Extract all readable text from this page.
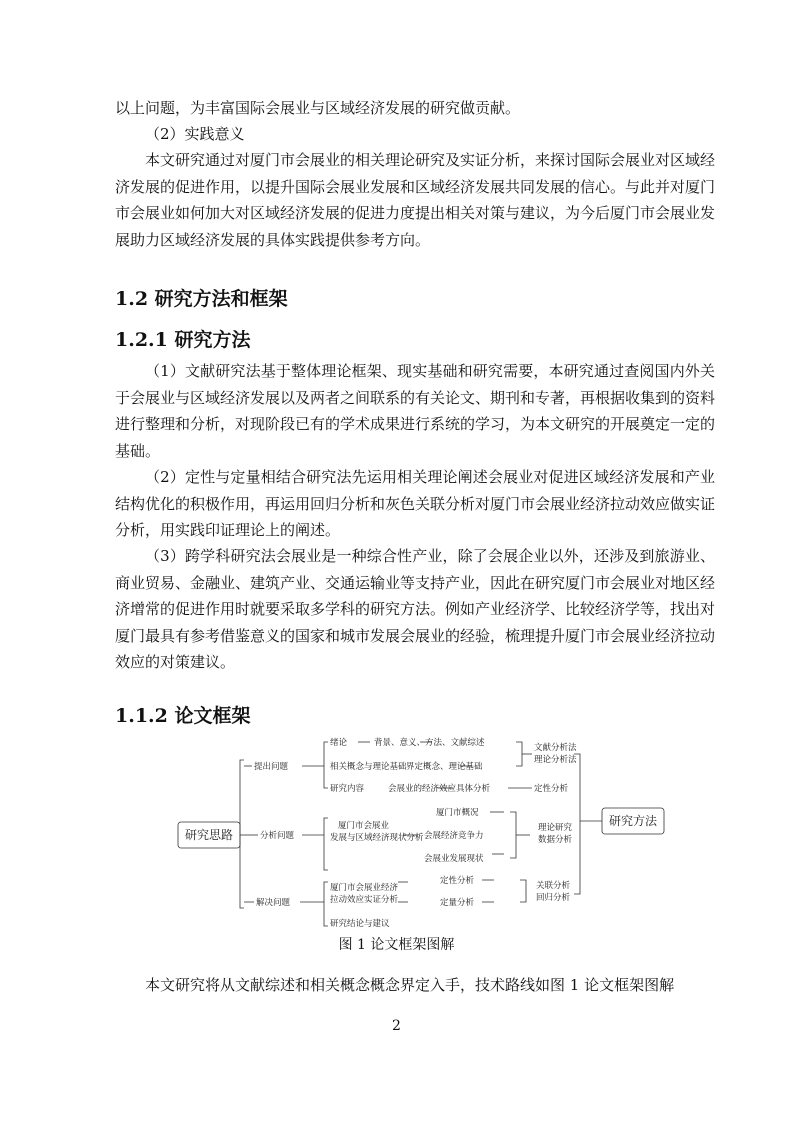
以上问题，为丰富国际会展业与区域经济发展的研究做贡献。

（2）实践意义

本文研究通过对厦门市会展业的相关理论研究及实证分析，来探讨国际会展业对区域经济发展的促进作用，以提升国际会展业发展和区域经济发展共同发展的信心。与此并对厦门市会展业如何加大对区域经济发展的促进力度提出相关对策与建议，为今后厦门市会展业发展助力区域经济发展的具体实践提供参考方向。

1.2 研究方法和框架
1.2.1 研究方法

（1）文献研究法基于整体理论框架、现实基础和研究需要，本研究通过查阅国内外关于会展业与区域经济发展以及两者之间联系的有关论文、期刊和专著，再根据收集到的资料进行整理和分析，对现阶段已有的学术成果进行系统的学习，为本文研究的开展奠定一定的基础。

（2）定性与定量相结合研究法先运用相关理论阐述会展业对促进区域经济发展和产业结构优化的积极作用，再运用回归分析和灰色关联分析对厦门市会展业经济拉动效应做实证分析，用实践印证理论上的阐述。

（3）跨学科研究法会展业是一种综合性产业，除了会展企业以外，还涉及到旅游业、商业贸易、金融业、建筑产业、交通运输业等支持产业，因此在研究厦门市会展业对地区经济增常的促进作用时就要采取多学科的研究方法。例如产业经济学、比较经济学等，找出对厦门最具有参考借鉴意义的国家和城市发展会展业的经验，梳理提升厦门市会展业经济拉动效应的对策建议。

1.1.2 论文框架
研究思路
研究方法
提出问题
分析问题
解决问题
绪论	背景、意义、方法、文献综述
相关概念与理论基础 界定概念、理论基础
研究内容	会展业的经济效应具体分析
厦门市会展业 发展与区域经济现状分析
厦门市概况
会展经济竞争力
会展业发展现状
厦门市会展业经济 拉动效应实证分析
定性分析
定量分析
研究结论与建议
文献分析法 理论分析法
定性分析
理论研究 数据分析
关联分析 回归分析

图 1 论文框架图解

本文研究将从文献综述和相关概念概念界定入手，技术路线如图 1 论文框架图解

2
